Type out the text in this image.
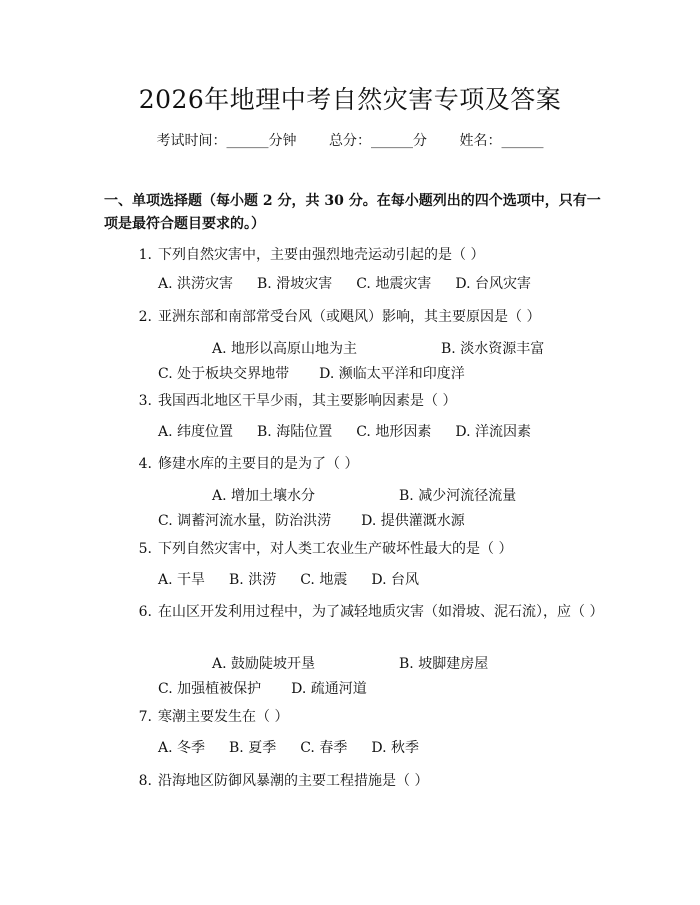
2026年地理中考自然灾害专项及答案
考试时间：______分钟 总分：______分 姓名：______
一、单项选择题（每小题 2 分，共 30 分。在每小题列出的四个选项中，只有一项是最符合题目要求的。）
1. 下列自然灾害中，主要由强烈地壳运动引起的是（ ）
A. 洪涝灾害 B. 滑坡灾害 C. 地震灾害 D. 台风灾害
2. 亚洲东部和南部常受台风（或飓风）影响，其主要原因是（ ）
A. 地形以高原山地为主	B. 淡水资源丰富C. 处于板块交界地带 D. 濒临太平洋和印度洋
3. 我国西北地区干旱少雨，其主要影响因素是（ ）
A. 纬度位置 B. 海陆位置 C. 地形因素 D. 洋流因素
4. 修建水库的主要目的是为了（ ）
A. 增加土壤水分	B. 减少河流径流量C. 调蓄河流水量，防治洪涝 D. 提供灌溉水源
5. 下列自然灾害中，对人类工农业生产破坏性最大的是（ ）
A. 干旱 B. 洪涝 C. 地震 D. 台风
6. 在山区开发利用过程中，为了减轻地质灾害（如滑坡、泥石流），应（ ）
A. 鼓励陡坡开垦	B. 坡脚建房屋C. 加强植被保护 D. 疏通河道
7. 寒潮主要发生在（ ）
A. 冬季 B. 夏季 C. 春季 D. 秋季
8. 沿海地区防御风暴潮的主要工程措施是（ ）
